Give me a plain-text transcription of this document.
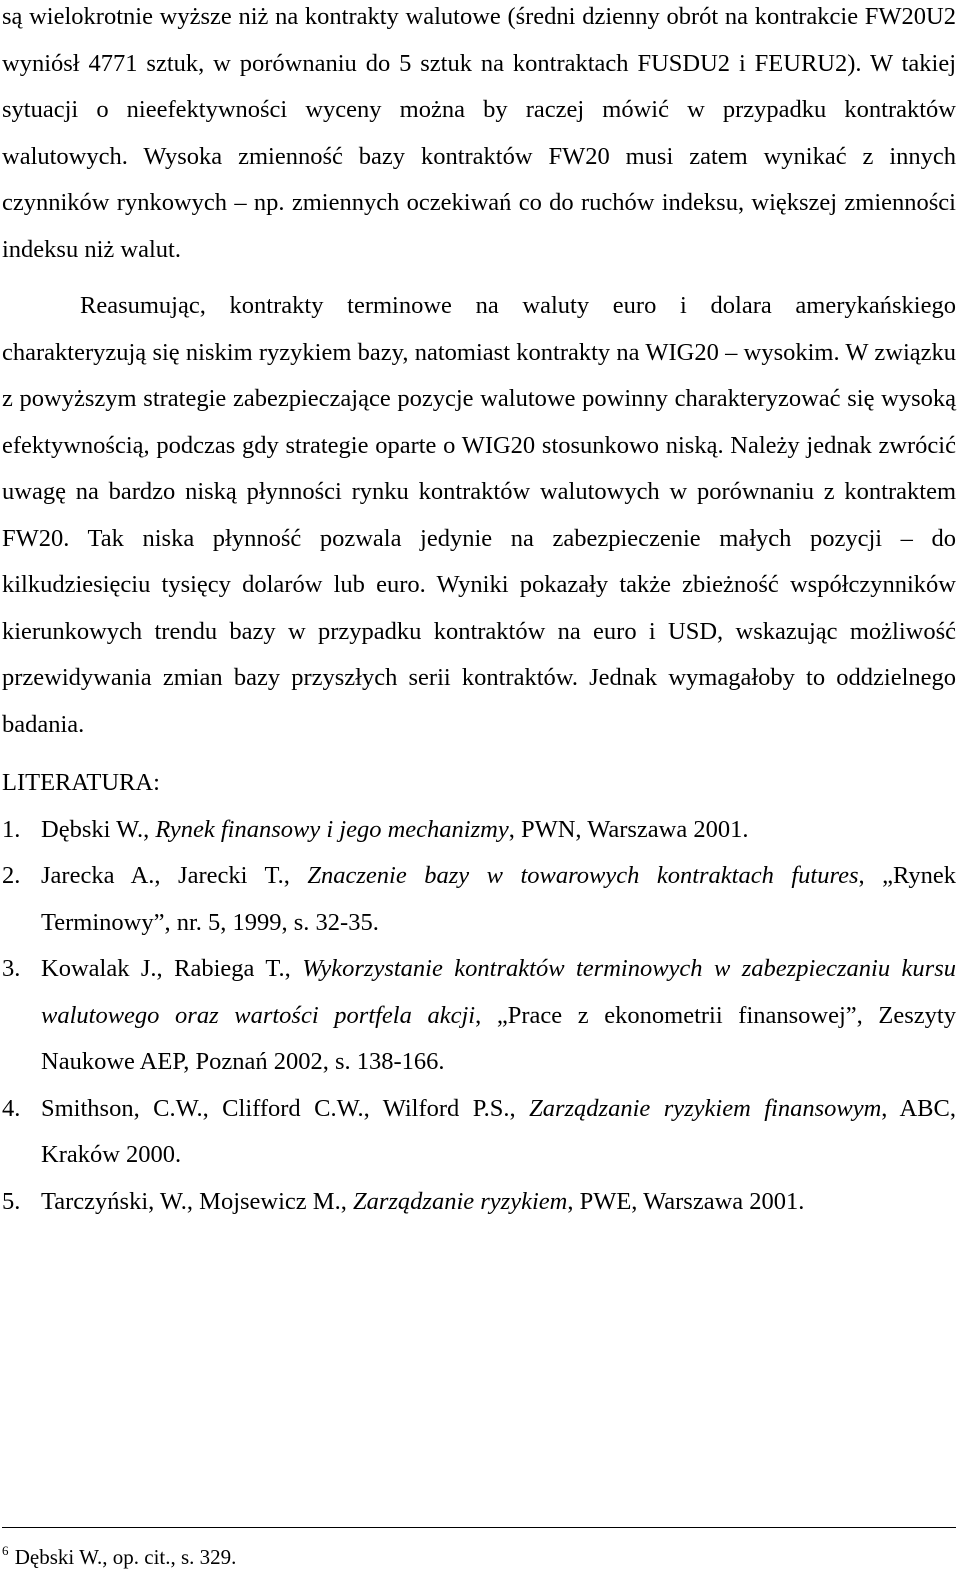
są wielokrotnie wyższe niż na kontrakty walutowe (średni dzienny obrót na kontrakcie FW20U2 wyniósł 4771 sztuk, w porównaniu do 5 sztuk na kontraktach FUSDU2 i FEURU2). W takiej sytuacji o nieefektywności wyceny można by raczej mówić w przypadku kontraktów walutowych. Wysoka zmienność bazy kontraktów FW20 musi zatem wynikać z innych czynników rynkowych – np. zmiennych oczekiwań co do ruchów indeksu, większej zmienności indeksu niż walut.

Reasumując, kontrakty terminowe na waluty euro i dolara amerykańskiego charakteryzują się niskim ryzykiem bazy, natomiast kontrakty na WIG20 – wysokim. W związku z powyższym strategie zabezpieczające pozycje walutowe powinny charakteryzować się wysoką efektywnością, podczas gdy strategie oparte o WIG20 stosunkowo niską. Należy jednak zwrócić uwagę na bardzo niską płynności rynku kontraktów walutowych w porównaniu z kontraktem FW20. Tak niska płynność pozwala jedynie na zabezpieczenie małych pozycji – do kilkudziesięciu tysięcy dolarów lub euro. Wyniki pokazały także zbieżność współczynników kierunkowych trendu bazy w przypadku kontraktów na euro i USD, wskazując możliwość przewidywania zmian bazy przyszłych serii kontraktów. Jednak wymagałoby to oddzielnego badania.

LITERATURA:
1. Dębski W., Rynek finansowy i jego mechanizmy, PWN, Warszawa 2001.
2. Jarecka A., Jarecki T., Znaczenie bazy w towarowych kontraktach futures, „Rynek Terminowy”, nr. 5, 1999, s. 32-35.
3. Kowalak J., Rabiega T., Wykorzystanie kontraktów terminowych w zabezpieczaniu kursu walutowego oraz wartości portfela akcji, „Prace z ekonometrii finansowej”, Zeszyty Naukowe AEP, Poznań 2002, s. 138-166.
4. Smithson, C.W., Clifford C.W., Wilford P.S., Zarządzanie ryzykiem finansowym, ABC, Kraków 2000.
5. Tarczyński, W., Mojsewicz M., Zarządzanie ryzykiem, PWE, Warszawa 2001.
$^6$ Dębski W., op. cit., s. 329.
